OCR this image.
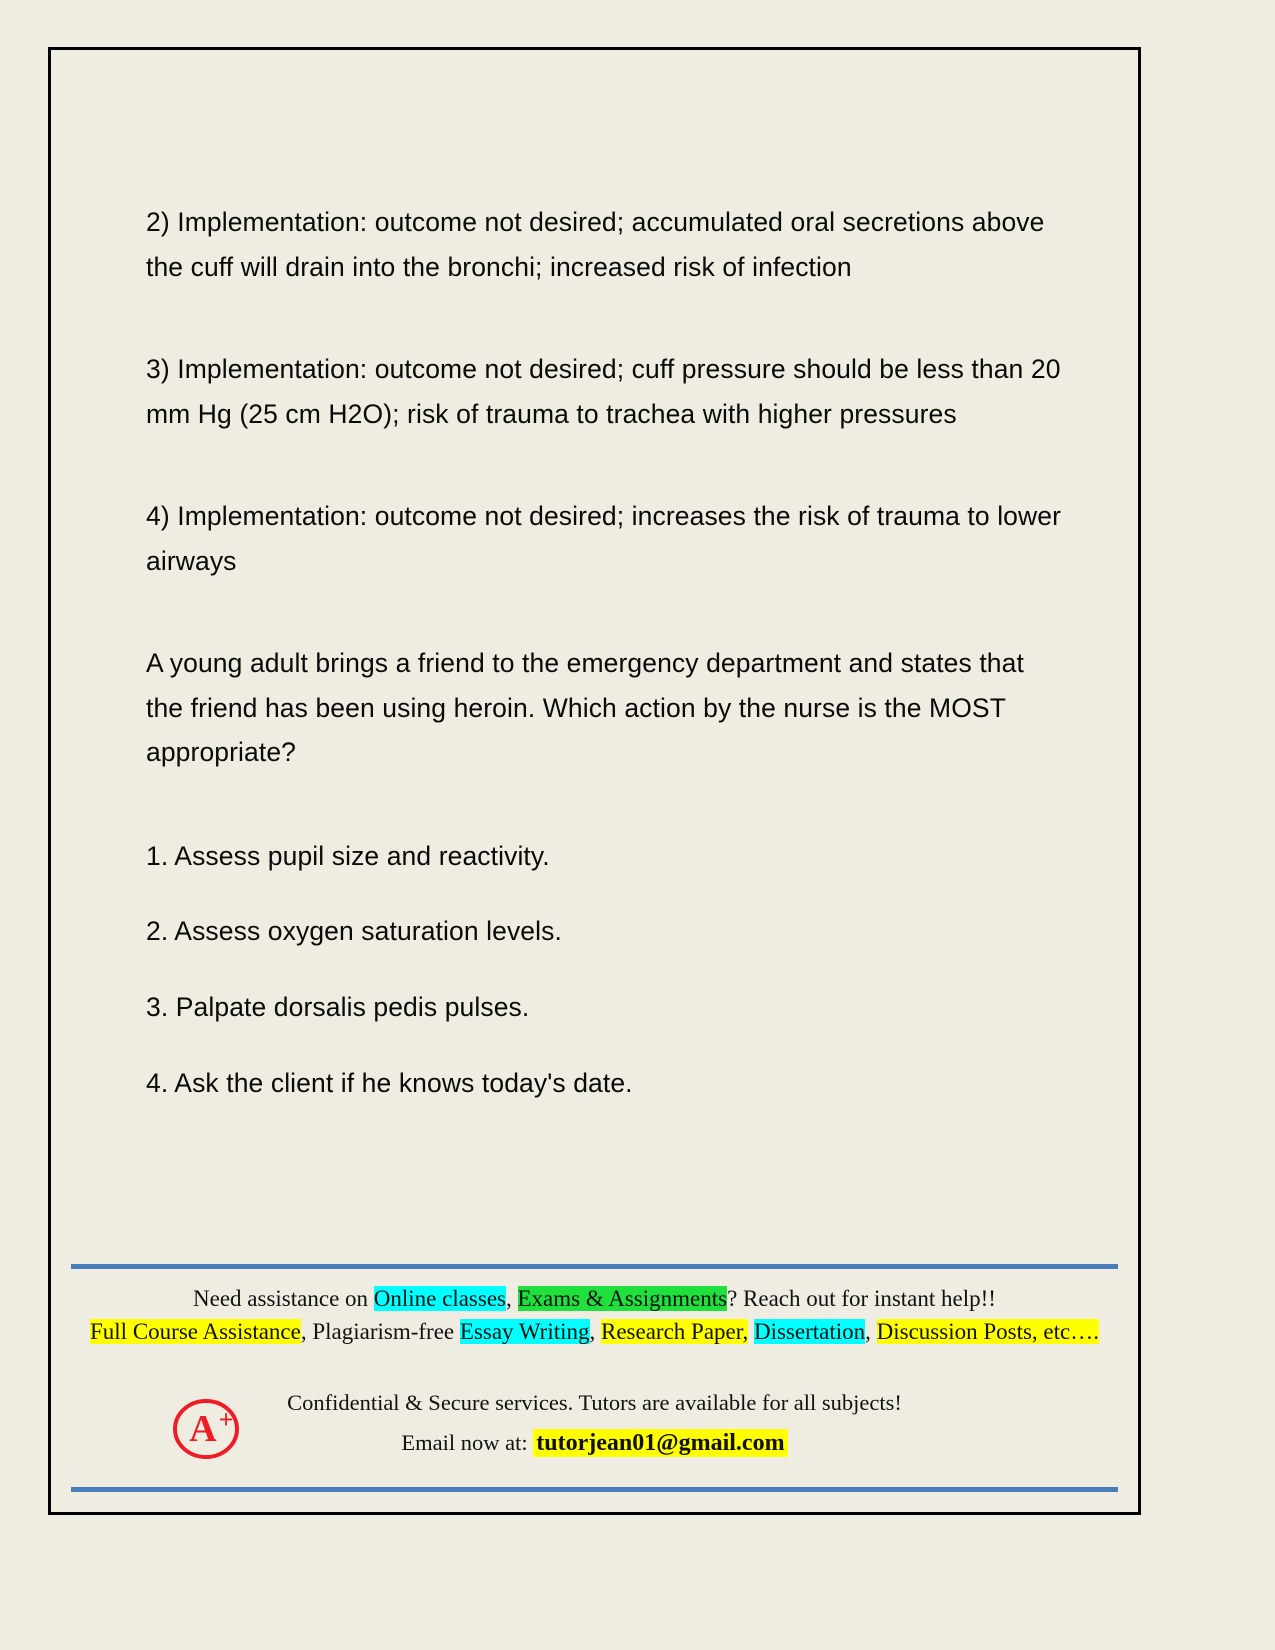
2) Implementation: outcome not desired; accumulated oral secretions above the cuff will drain into the bronchi; increased risk of infection

3) Implementation: outcome not desired; cuff pressure should be less than 20 mm Hg (25 cm H2O); risk of trauma to trachea with higher pressures

4) Implementation: outcome not desired; increases the risk of trauma to lower airways

A young adult brings a friend to the emergency department and states that the friend has been using heroin. Which action by the nurse is the MOST appropriate?

1. Assess pupil size and reactivity.

2. Assess oxygen saturation levels.

3. Palpate dorsalis pedis pulses.

4. Ask the client if he knows today's date.

Need assistance on Online classes, Exams & Assignments? Reach out for instant help!!
Full Course Assistance, Plagiarism-free Essay Writing, Research Paper, Dissertation, Discussion Posts, etc….
A +
Confidential & Secure services. Tutors are available for all subjects!
Email now at: tutorjean01@gmail.com
